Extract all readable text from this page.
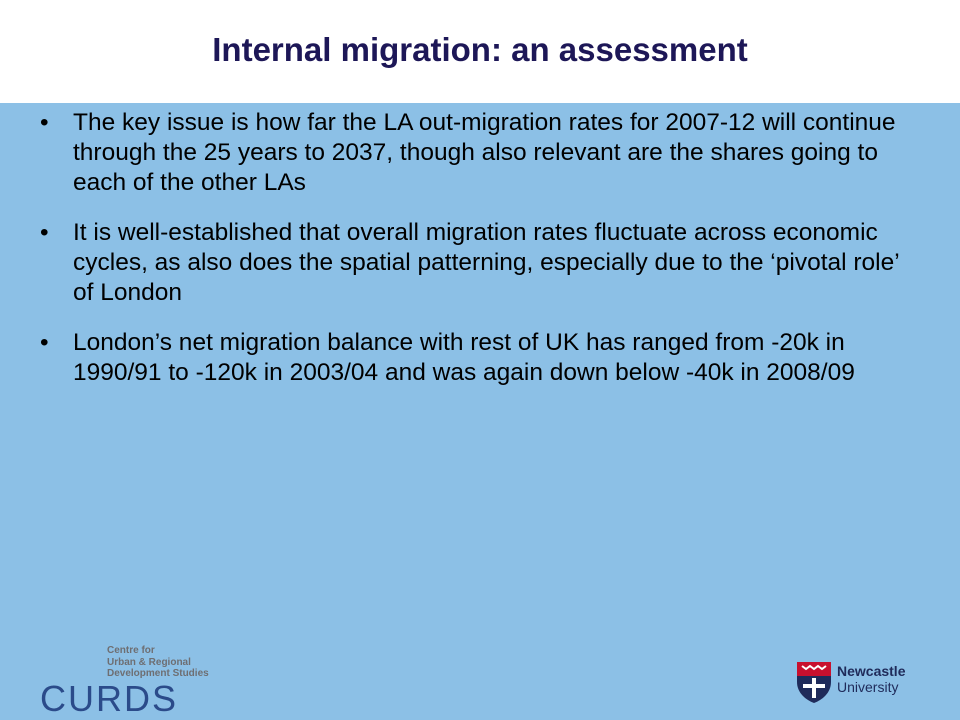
Internal migration: an assessment
• The key issue is how far the LA out-migration rates for 2007-12 will continue through the 25 years to 2037, though also relevant are the shares going to each of the other LAs
• It is well-established that overall migration rates fluctuate across economic cycles, as also does the spatial patterning, especially due to the ‘pivotal role’ of London
• London’s net migration balance with rest of UK has ranged from -20k in 1990/91 to -120k in 2003/04 and was again down below -40k in 2008/09
Centre for
Urban & Regional
Development Studies
CURDS
Newcastle
University
